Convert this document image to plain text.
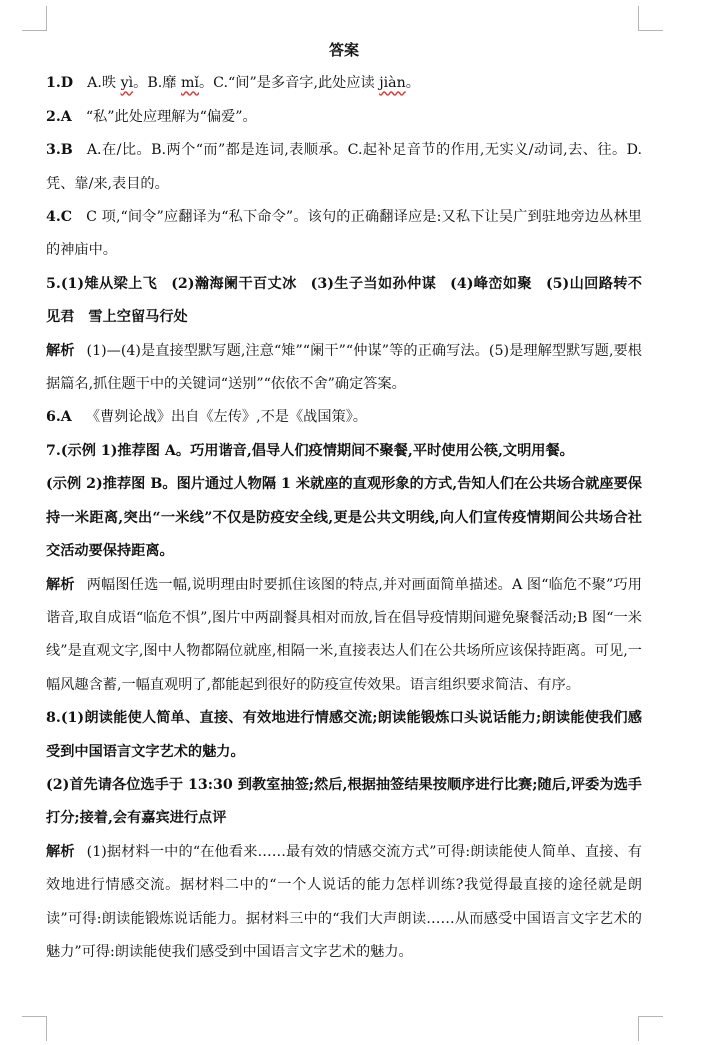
答案

1.D A.昳 yì。B.靡 mǐ。C.“间”是多音字,此处应读 jiàn。

2.A “私”此处应理解为“偏爱”。

3.B A.在/比。B.两个“而”都是连词,表顺承。C.起补足音节的作用,无实义/动词,去、往。D.凭、靠/来,表目的。

4.C C 项,“间令”应翻译为“私下命令”。该句的正确翻译应是:又私下让吴广到驻地旁边丛林里的神庙中。

5.(1)雉从梁上飞 (2)瀚海阑干百丈冰 (3)生子当如孙仲谋 (4)峰峦如聚 (5)山回路转不见君 雪上空留马行处

解析 (1)—(4)是直接型默写题,注意“雉”“阑干”“仲谋”等的正确写法。(5)是理解型默写题,要根据篇名,抓住题干中的关键词“送别”“依依不舍”确定答案。

6.A 《曹刿论战》出自《左传》,不是《战国策》。

7.(示例 1)推荐图 A。巧用谐音,倡导人们疫情期间不聚餐,平时使用公筷,文明用餐。

(示例 2)推荐图 B。图片通过人物隔 1 米就座的直观形象的方式,告知人们在公共场合就座要保持一米距离,突出“一米线”不仅是防疫安全线,更是公共文明线,向人们宣传疫情期间公共场合社交活动要保持距离。

解析 两幅图任选一幅,说明理由时要抓住该图的特点,并对画面简单描述。A 图“临危不聚”巧用谐音,取自成语“临危不惧”,图片中两副餐具相对而放,旨在倡导疫情期间避免聚餐活动;B 图“一米线”是直观文字,图中人物都隔位就座,相隔一米,直接表达人们在公共场所应该保持距离。可见,一幅风趣含蓄,一幅直观明了,都能起到很好的防疫宣传效果。语言组织要求简洁、有序。

8.(1)朗读能使人简单、直接、有效地进行情感交流;朗读能锻炼口头说话能力;朗读能使我们感受到中国语言文字艺术的魅力。

(2)首先请各位选手于 13:30 到教室抽签;然后,根据抽签结果按顺序进行比赛;随后,评委为选手打分;接着,会有嘉宾进行点评

解析 (1)据材料一中的“在他看来……最有效的情感交流方式”可得:朗读能使人简单、直接、有效地进行情感交流。据材料二中的“一个人说话的能力怎样训练?我觉得最直接的途径就是朗读”可得:朗读能锻炼说话能力。据材料三中的“我们大声朗读……从而感受中国语言文字艺术的魅力”可得:朗读能使我们感受到中国语言文字艺术的魅力。
